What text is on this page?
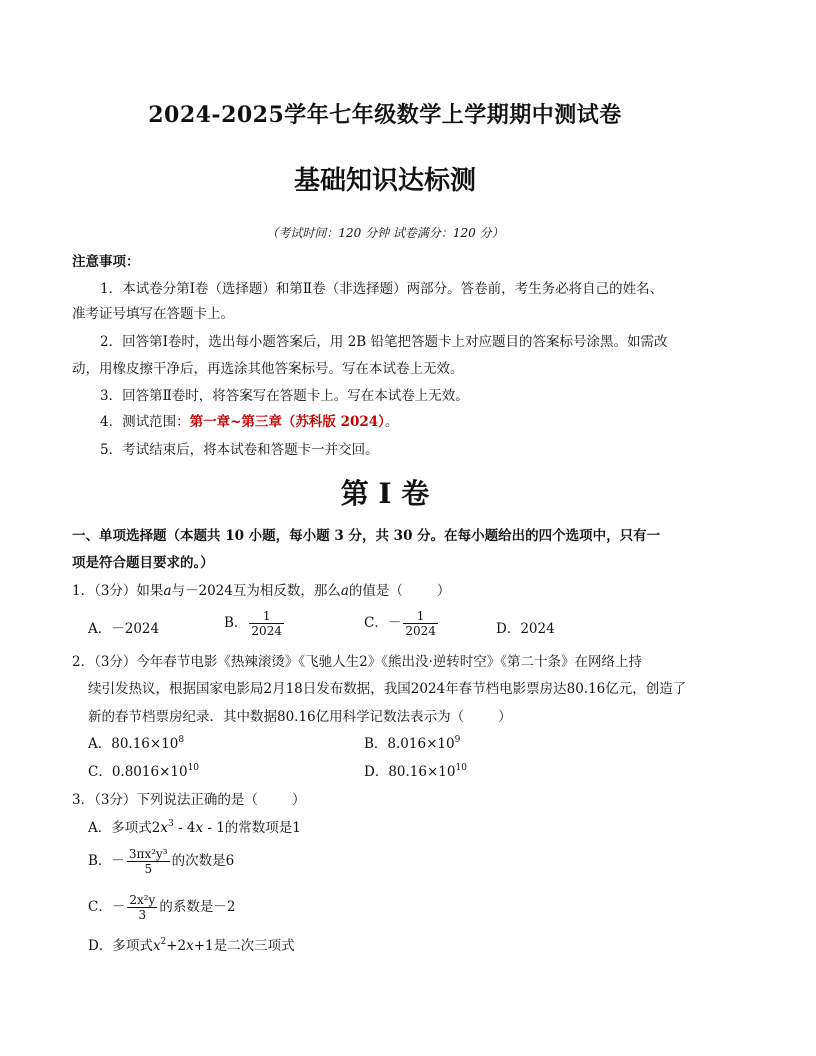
2024-2025学年七年级数学上学期期中测试卷
基础知识达标测
（考试时间：120 分钟 试卷满分：120 分）
注意事项：
1．本试卷分第Ⅰ卷（选择题）和第Ⅱ卷（非选择题）两部分。答卷前，考生务必将自己的姓名、
准考证号填写在答题卡上。
2．回答第Ⅰ卷时，选出每小题答案后，用 2B 铅笔把答题卡上对应题目的答案标号涂黑。如需改
动，用橡皮擦干净后，再选涂其他答案标号。写在本试卷上无效。
3．回答第Ⅱ卷时，将答案写在答题卡上。写在本试卷上无效。
4．测试范围：第一章~第三章（苏科版 2024）。
5．考试结束后，将本试卷和答题卡一并交回。
第 I 卷
一、单项选择题（本题共 10 小题，每小题 3 分，共 30 分。在每小题给出的四个选项中，只有一
项是符合题目要求的。）
1．（3分）如果a与－2024互为相反数，那么a的值是（	）
A．－2024	B． $\frac{1}{2024}$	C．－ $\frac{1}{2024}$	D．2024
2．（3分）今年春节电影《热辣滚烫》《飞驰人生2》《熊出没·逆转时空》《第二十条》在网络上持
续引发热议，根据国家电影局2月18日发布数据，我国2024年春节档电影票房达80.16亿元，创造了
新的春节档票房纪录．其中数据80.16亿用科学记数法表示为（	）
A．$80.16\times 10^8$	B．$8.016\times 10^9$
C．$0.8016\times 10^{10}$	D．$80.16\times 10^{10}$
3．（3分）下列说法正确的是（	）
A．多项式$2x^3 - 4x - 1$的常数项是1
B．－ $\frac{\text{3πx²y³}}{5}$ 的次数是6
C．－ $\frac{\text{2x²y}}{3}$ 的系数是－2
D．多项式$x^2+2x+1$是二次三项式
